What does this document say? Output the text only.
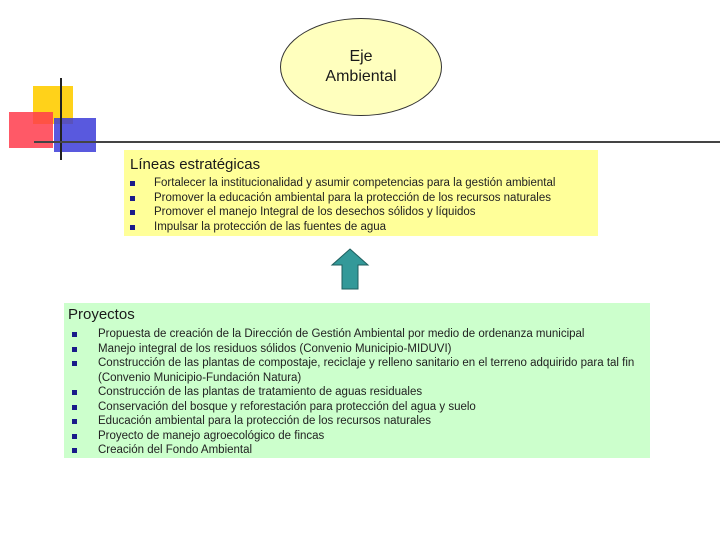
Eje
Ambiental

Líneas estratégicas

Fortalecer la institucionalidad y asumir competencias para la gestión ambiental
Promover la educación ambiental para la protección de los recursos naturales
Promover el manejo Integral de los desechos sólidos y líquidos
Impulsar la protección de las fuentes de agua

Proyectos

Propuesta de creación de la Dirección de Gestión Ambiental por medio de ordenanza municipal
Manejo integral de los residuos sólidos (Convenio Municipio-MIDUVI)
Construcción de las plantas de compostaje, reciclaje y relleno sanitario en el terreno adquirido para tal fin (Convenio Municipio-Fundación Natura)
Construcción de las plantas de tratamiento de aguas residuales
Conservación del bosque y reforestación para protección del agua y suelo
Educación ambiental para la protección de los recursos naturales
Proyecto de manejo agroecológico de fincas
Creación del Fondo Ambiental
